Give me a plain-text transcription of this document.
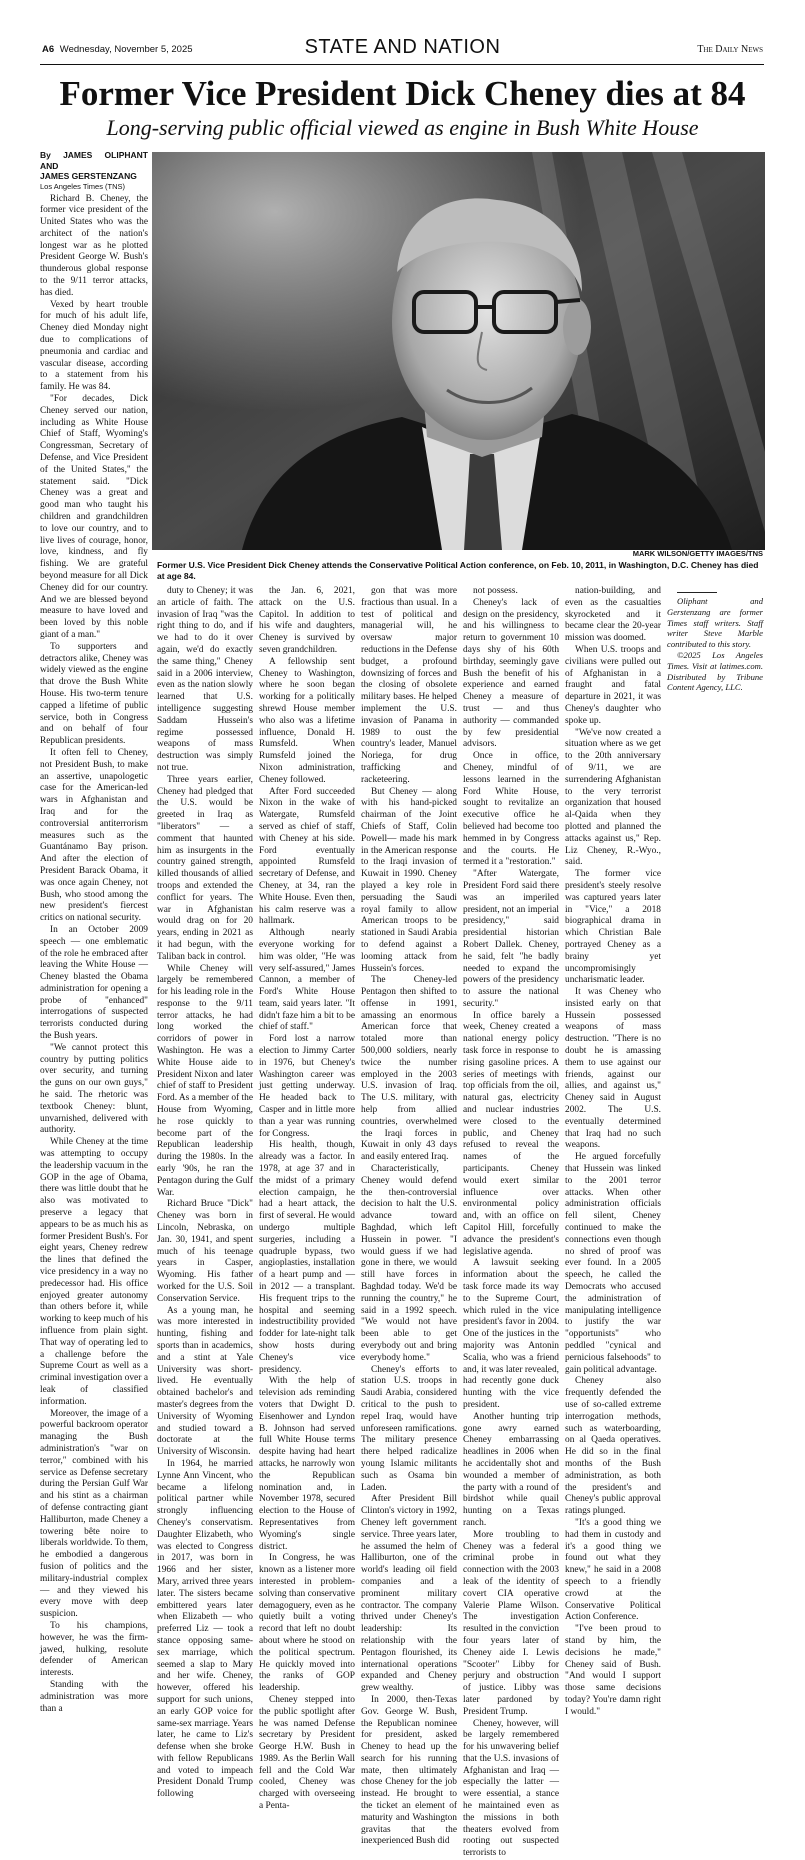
A6 Wednesday, November 5, 2025	STATE AND NATION	The Daily News
Former Vice President Dick Cheney dies at 84
Long-serving public official viewed as engine in Bush White House
By JAMES OLIPHANT AND
JAMES GERSTENZANG
Los Angeles Times (TNS)

Richard B. Cheney, the former vice president of the United States who was the architect of the nation's longest war as he plotted President George W. Bush's thunderous global response to the 9/11 terror attacks, has died.

Vexed by heart trouble for much of his adult life, Cheney died Monday night due to complications of pneumonia and cardiac and vascular disease, according to a statement from his family. He was 84.

"For decades, Dick Cheney served our nation, including as White House Chief of Staff, Wyoming's Congressman, Secretary of Defense, and Vice President of the United States," the statement said. "Dick Cheney was a great and good man who taught his children and grandchildren to love our country, and to live lives of courage, honor, love, kindness, and fly fishing. We are grateful beyond measure for all Dick Cheney did for our country. And we are blessed beyond measure to have loved and been loved by this noble giant of a man."

To supporters and detractors alike, Cheney was widely viewed as the engine that drove the Bush White House. His two-term tenure capped a lifetime of public service, both in Congress and on behalf of four Republican presidents.

It often fell to Cheney, not President Bush, to make an assertive, unapologetic case for the American-led wars in Afghanistan and Iraq and for the controversial antiterrorism measures such as the Guantánamo Bay prison. And after the election of President Barack Obama, it was once again Cheney, not Bush, who stood among the new president's fiercest critics on national security.

In an October 2009 speech — one emblematic of the role he embraced after leaving the White House — Cheney blasted the Obama administration for opening a probe of "enhanced" interrogations of suspected terrorists conducted during the Bush years.

"We cannot protect this country by putting politics over security, and turning the guns on our own guys," he said. The rhetoric was textbook Cheney: blunt, unvarnished, delivered with authority.

While Cheney at the time was attempting to occupy the leadership vacuum in the GOP in the age of Obama, there was little doubt that he also was motivated to preserve a legacy that appears to be as much his as former President Bush's. For eight years, Cheney redrew the lines that defined the vice presidency in a way no predecessor had. His office enjoyed greater autonomy than others before it, while working to keep much of his influence from plain sight. That way of operating led to a challenge before the Supreme Court as well as a criminal investigation over a leak of classified information.

Moreover, the image of a powerful backroom operator managing the Bush administration's "war on terror," combined with his service as Defense secretary during the Persian Gulf War and his stint as a chairman of defense contracting giant Halliburton, made Cheney a towering bête noire to liberals worldwide. To them, he embodied a dangerous fusion of politics and the military-industrial complex — and they viewed his every move with deep suspicion.

To his champions, however, he was the firm-jawed, hulking, resolute defender of American interests.

Standing with the administration was more than a

MARK WILSON/GETTY IMAGES/TNS
Former U.S. Vice President Dick Cheney attends the Conservative Political Action conference, on Feb. 10, 2011, in Washington, D.C. Cheney has died at age 84.

duty to Cheney; it was an article of faith. The invasion of Iraq "was the right thing to do, and if we had to do it over again, we'd do exactly the same thing," Cheney said in a 2006 interview, even as the nation slowly learned that U.S. intelligence suggesting Saddam Hussein's regime possessed weapons of mass destruction was simply not true.

Three years earlier, Cheney had pledged that the U.S. would be greeted in Iraq as "liberators" — a comment that haunted him as insurgents in the country gained strength, killed thousands of allied troops and extended the conflict for years. The war in Afghanistan would drag on for 20 years, ending in 2021 as it had begun, with the Taliban back in control.

While Cheney will largely be remembered for his leading role in the response to the 9/11 terror attacks, he had long worked the corridors of power in Washington. He was a White House aide to President Nixon and later chief of staff to President Ford. As a member of the House from Wyoming, he rose quickly to become part of the Republican leadership during the 1980s. In the early '90s, he ran the Pentagon during the Gulf War.

Richard Bruce "Dick" Cheney was born in Lincoln, Nebraska, on Jan. 30, 1941, and spent much of his teenage years in Casper, Wyoming. His father worked for the U.S. Soil Conservation Service.

As a young man, he was more interested in hunting, fishing and sports than in academics, and a stint at Yale University was short-lived. He eventually obtained bachelor's and master's degrees from the University of Wyoming and studied toward a doctorate at the University of Wisconsin.

In 1964, he married Lynne Ann Vincent, who became a lifelong political partner while strongly influencing Cheney's conservatism. Daughter Elizabeth, who was elected to Congress in 2017, was born in 1966 and her sister, Mary, arrived three years later. The sisters became embittered years later when Elizabeth — who preferred Liz — took a stance opposing same-sex marriage, which seemed a slap to Mary and her wife. Cheney, however, offered his support for such unions, an early GOP voice for same-sex marriage. Years later, he came to Liz's defense when she broke with fellow Republicans and voted to impeach President Donald Trump following

the Jan. 6, 2021, attack on the U.S. Capitol. In addition to his wife and daughters, Cheney is survived by seven grandchildren.

A fellowship sent Cheney to Washington, where he soon began working for a politically shrewd House member who also was a lifetime influence, Donald H. Rumsfeld. When Rumsfeld joined the Nixon administration, Cheney followed.

After Ford succeeded Nixon in the wake of Watergate, Rumsfeld served as chief of staff, with Cheney at his side. Ford eventually appointed Rumsfeld secretary of Defense, and Cheney, at 34, ran the White House. Even then, his calm reserve was a hallmark.

Although nearly everyone working for him was older, "He was very self-assured," James Cannon, a member of Ford's White House team, said years later. "It didn't faze him a bit to be chief of staff."

Ford lost a narrow election to Jimmy Carter in 1976, but Cheney's Washington career was just getting underway. He headed back to Casper and in little more than a year was running for Congress.

His health, though, already was a factor. In 1978, at age 37 and in the midst of a primary election campaign, he had a heart attack, the first of several. He would undergo multiple surgeries, including a quadruple bypass, two angioplasties, installation of a heart pump and — in 2012 — a transplant. His frequent trips to the hospital and seeming indestructibility provided fodder for late-night talk show hosts during Cheney's vice presidency.

With the help of television ads reminding voters that Dwight D. Eisenhower and Lyndon B. Johnson had served full White House terms despite having had heart attacks, he narrowly won the Republican nomination and, in November 1978, secured election to the House of Representatives from Wyoming's single district.

In Congress, he was known as a listener more interested in problem-solving than conservative demagoguery, even as he quietly built a voting record that left no doubt about where he stood on the political spectrum. He quickly moved into the ranks of GOP leadership.

Cheney stepped into the public spotlight after he was named Defense secretary by President George H.W. Bush in 1989. As the Berlin Wall fell and the Cold War cooled, Cheney was charged with overseeing a Penta-

gon that was more fractious than usual. In a test of political and managerial will, he oversaw major reductions in the Defense budget, a profound downsizing of forces and the closing of obsolete military bases. He helped implement the U.S. invasion of Panama in 1989 to oust the country's leader, Manuel Noriega, for drug trafficking and racketeering.

But Cheney — along with his hand-picked chairman of the Joint Chiefs of Staff, Colin Powell— made his mark in the American response to the Iraqi invasion of Kuwait in 1990. Cheney played a key role in persuading the Saudi royal family to allow American troops to be stationed in Saudi Arabia to defend against a looming attack from Hussein's forces.

The Cheney-led Pentagon then shifted to offense in 1991, amassing an enormous American force that totaled more than 500,000 soldiers, nearly twice the number employed in the 2003 U.S. invasion of Iraq. The U.S. military, with help from allied countries, overwhelmed the Iraqi forces in Kuwait in only 43 days and easily entered Iraq.

Characteristically, Cheney would defend the then-controversial decision to halt the U.S. advance toward Baghdad, which left Hussein in power. "I would guess if we had gone in there, we would still have forces in Baghdad today. We'd be running the country," he said in a 1992 speech. "We would not have been able to get everybody out and bring everybody home."

Cheney's efforts to station U.S. troops in Saudi Arabia, considered critical to the push to repel Iraq, would have unforeseen ramifications. The military presence there helped radicalize young Islamic militants such as Osama bin Laden.

After President Bill Clinton's victory in 1992, Cheney left government service. Three years later, he assumed the helm of Halliburton, one of the world's leading oil field companies and a prominent military contractor. The company thrived under Cheney's leadership: Its relationship with the Pentagon flourished, its international operations expanded and Cheney grew wealthy.

In 2000, then-Texas Gov. George W. Bush, the Republican nominee for president, asked Cheney to head up the search for his running mate, then ultimately chose Cheney for the job instead. He brought to the ticket an element of maturity and Washington gravitas that the inexperienced Bush did

not possess.

Cheney's lack of design on the presidency, and his willingness to return to government 10 days shy of his 60th birthday, seemingly gave Bush the benefit of his experience and earned Cheney a measure of trust — and thus authority — commanded by few presidential advisors.

Once in office, Cheney, mindful of lessons learned in the Ford White House, sought to revitalize an executive office he believed had become too hemmed in by Congress and the courts. He termed it a "restoration."

"After Watergate, President Ford said there was an imperiled president, not an imperial presidency," said presidential historian Robert Dallek. Cheney, he said, felt "he badly needed to expand the powers of the presidency to assure the national security."

In office barely a week, Cheney created a national energy policy task force in response to rising gasoline prices. A series of meetings with top officials from the oil, natural gas, electricity and nuclear industries were closed to the public, and Cheney refused to reveal the names of the participants. Cheney would exert similar influence over environmental policy and, with an office on Capitol Hill, forcefully advance the president's legislative agenda.

A lawsuit seeking information about the task force made its way to the Supreme Court, which ruled in the vice president's favor in 2004. One of the justices in the majority was Antonin Scalia, who was a friend and, it was later revealed, had recently gone duck hunting with the vice president.

Another hunting trip gone awry earned Cheney embarrassing headlines in 2006 when he accidentally shot and wounded a member of the party with a round of birdshot while quail hunting on a Texas ranch.

More troubling to Cheney was a federal criminal probe in connection with the 2003 leak of the identity of covert CIA operative Valerie Plame Wilson. The investigation resulted in the conviction four years later of Cheney aide I. Lewis "Scooter" Libby for perjury and obstruction of justice. Libby was later pardoned by President Trump.

Cheney, however, will be largely remembered for his unwavering belief that the U.S. invasions of Afghanistan and Iraq — especially the latter — were essential, a stance he maintained even as the missions in both theaters evolved from rooting out suspected terrorists to

nation-building, and even as the casualties skyrocketed and it became clear the 20-year mission was doomed.

When U.S. troops and civilians were pulled out of Afghanistan in a fraught and fatal departure in 2021, it was Cheney's daughter who spoke up.

"We've now created a situation where as we get to the 20th anniversary of 9/11, we are surrendering Afghanistan to the very terrorist organization that housed al-Qaida when they plotted and planned the attacks against us," Rep. Liz Cheney, R.-Wyo., said.

The former vice president's steely resolve was captured years later in "Vice," a 2018 biographical drama in which Christian Bale portrayed Cheney as a brainy yet uncompromisingly uncharismatic leader.

It was Cheney who insisted early on that Hussein possessed weapons of mass destruction. "There is no doubt he is amassing them to use against our friends, against our allies, and against us," Cheney said in August 2002. The U.S. eventually determined that Iraq had no such weapons.

He argued forcefully that Hussein was linked to the 2001 terror attacks. When other administration officials fell silent, Cheney continued to make the connections even though no shred of proof was ever found. In a 2005 speech, he called the Democrats who accused the administration of manipulating intelligence to justify the war "opportunists" who peddled "cynical and pernicious falsehoods" to gain political advantage.

Cheney also frequently defended the use of so-called extreme interrogation methods, such as waterboarding, on al Qaeda operatives. He did so in the final months of the Bush administration, as both the president's and Cheney's public approval ratings plunged.

"It's a good thing we had them in custody and it's a good thing we found out what they knew," he said in a 2008 speech to a friendly crowd at the Conservative Political Action Conference.

"I've been proud to stand by him, the decisions he made," Cheney said of Bush. "And would I support those same decisions today? You're damn right I would."

Oliphant and Gerstenzang are former Times staff writers. Staff writer Steve Marble contributed to this story.

©2025 Los Angeles Times. Visit at latimes.com. Distributed by Tribune Content Agency, LLC.
